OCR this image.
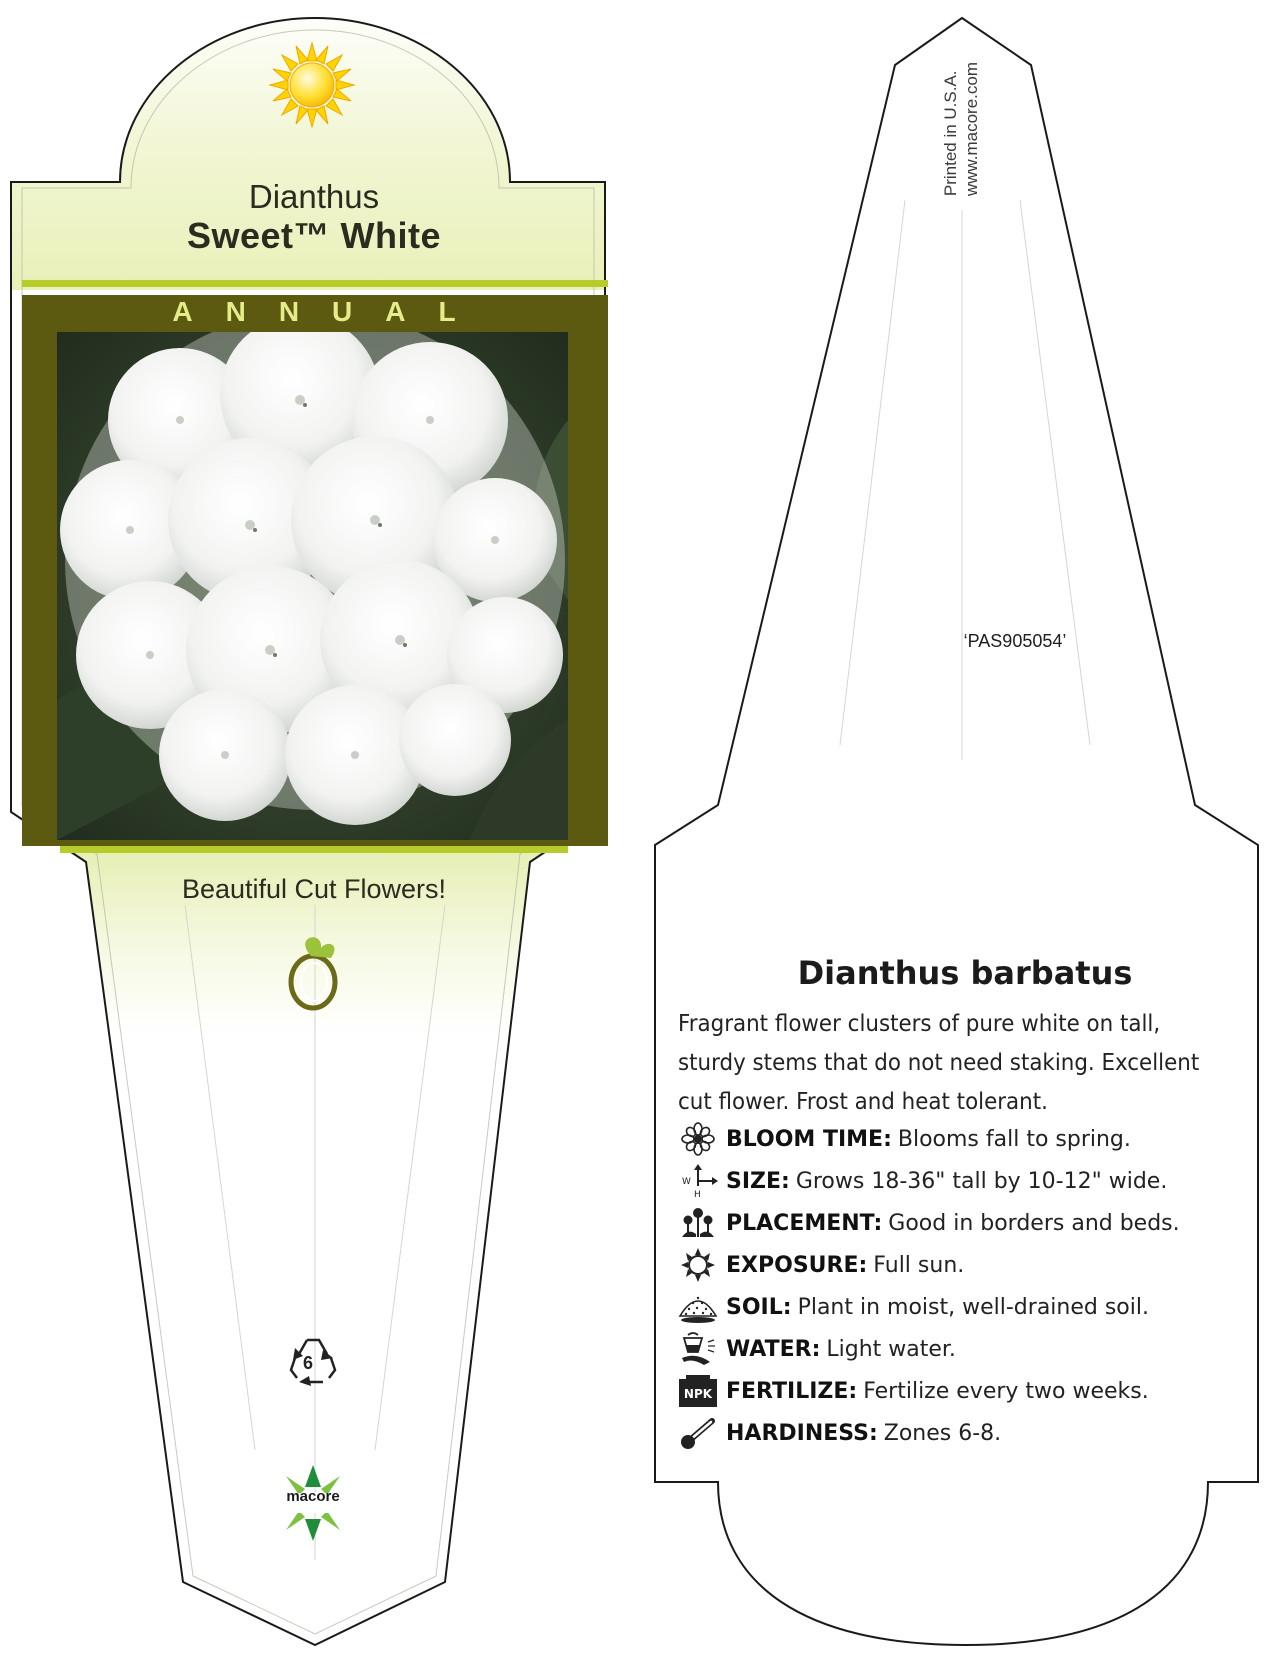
Dianthus

Sweet™ White

ANNUAL

Beautiful Cut Flowers!

6

macore

Printed in U.S.A. www.macore.com

‘PAS905054’

Dianthus barbatus

Fragrant flower clusters of pure white on tall, sturdy stems that do not need staking. Excellent cut flower. Frost and heat tolerant.

BLOOM TIME: Blooms fall to spring.
W
H
SIZE: Grows 18-36" tall by 10-12" wide.
PLACEMENT: Good in borders and beds.
EXPOSURE: Full sun.
SOIL: Plant in moist, well-drained soil.
WATER: Light water.
NPK FERTILIZE: Fertilize every two weeks.
HARDINESS: Zones 6-8.
